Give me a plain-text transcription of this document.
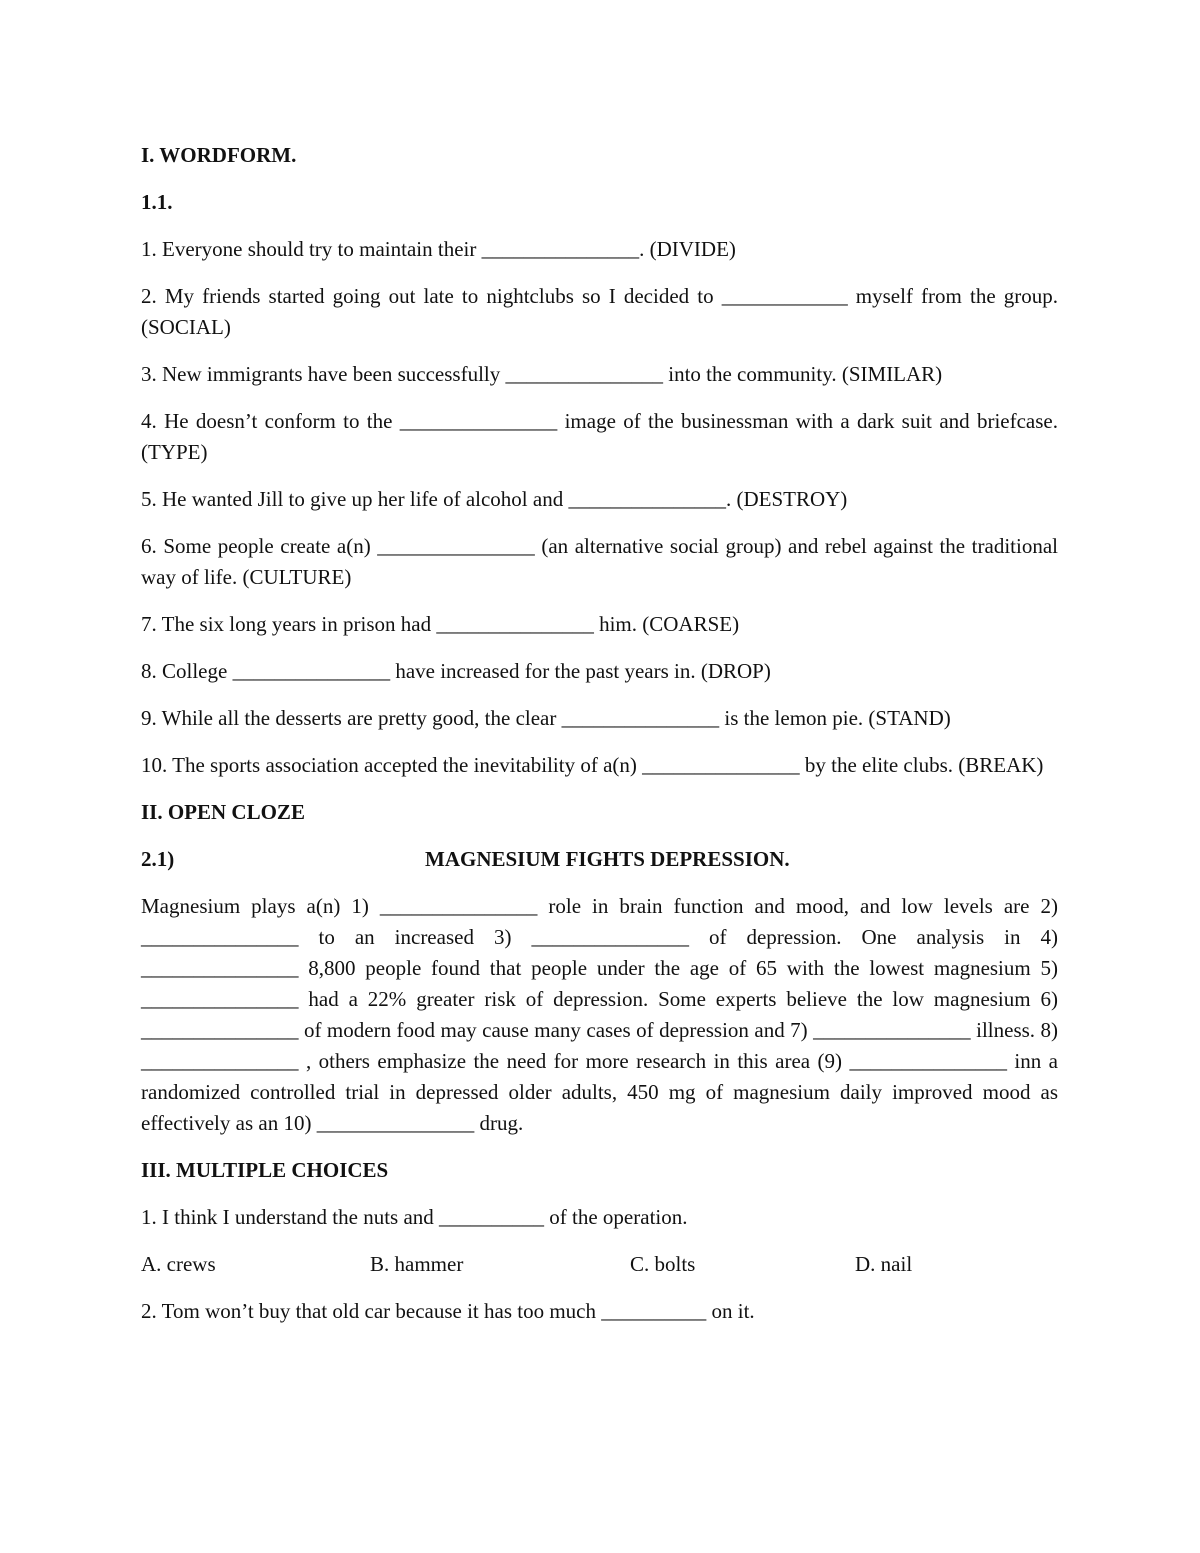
I. WORDFORM.
1.1.
1. Everyone should try to maintain their _______________. (DIVIDE)
2. My friends started going out late to nightclubs so I decided to ____________ myself from the group. (SOCIAL)
3. New immigrants have been successfully _______________ into the community. (SIMILAR)
4. He doesn’t conform to the _______________ image of the businessman with a dark suit and briefcase. (TYPE)
5. He wanted Jill to give up her life of alcohol and _______________. (DESTROY)
6. Some people create a(n) _______________ (an alternative social group) and rebel against the traditional way of life. (CULTURE)
7. The six long years in prison had _______________ him. (COARSE)
8. College _______________ have increased for the past years in. (DROP)
9. While all the desserts are pretty good, the clear _______________ is the lemon pie. (STAND)
10. The sports association accepted the inevitability of a(n) _______________ by the elite clubs. (BREAK)
II. OPEN CLOZE
2.1)	MAGNESIUM FIGHTS DEPRESSION.
Magnesium plays a(n) 1) _______________ role in brain function and mood, and low levels are 2) _______________ to an increased 3) _______________ of depression. One analysis in 4) _______________ 8,800 people found that people under the age of 65 with the lowest magnesium 5) _______________ had a 22% greater risk of depression. Some experts believe the low magnesium 6) _______________ of modern food may cause many cases of depression and 7) _______________ illness. 8) _______________ , others emphasize the need for more research in this area (9) _______________ inn a randomized controlled trial in depressed older adults, 450 mg of magnesium daily improved mood as effectively as an 10) _______________ drug.
III. MULTIPLE CHOICES
1. I think I understand the nuts and __________ of the operation.
A. crews	B. hammer	C. bolts	D. nail
2. Tom won’t buy that old car because it has too much __________ on it.
